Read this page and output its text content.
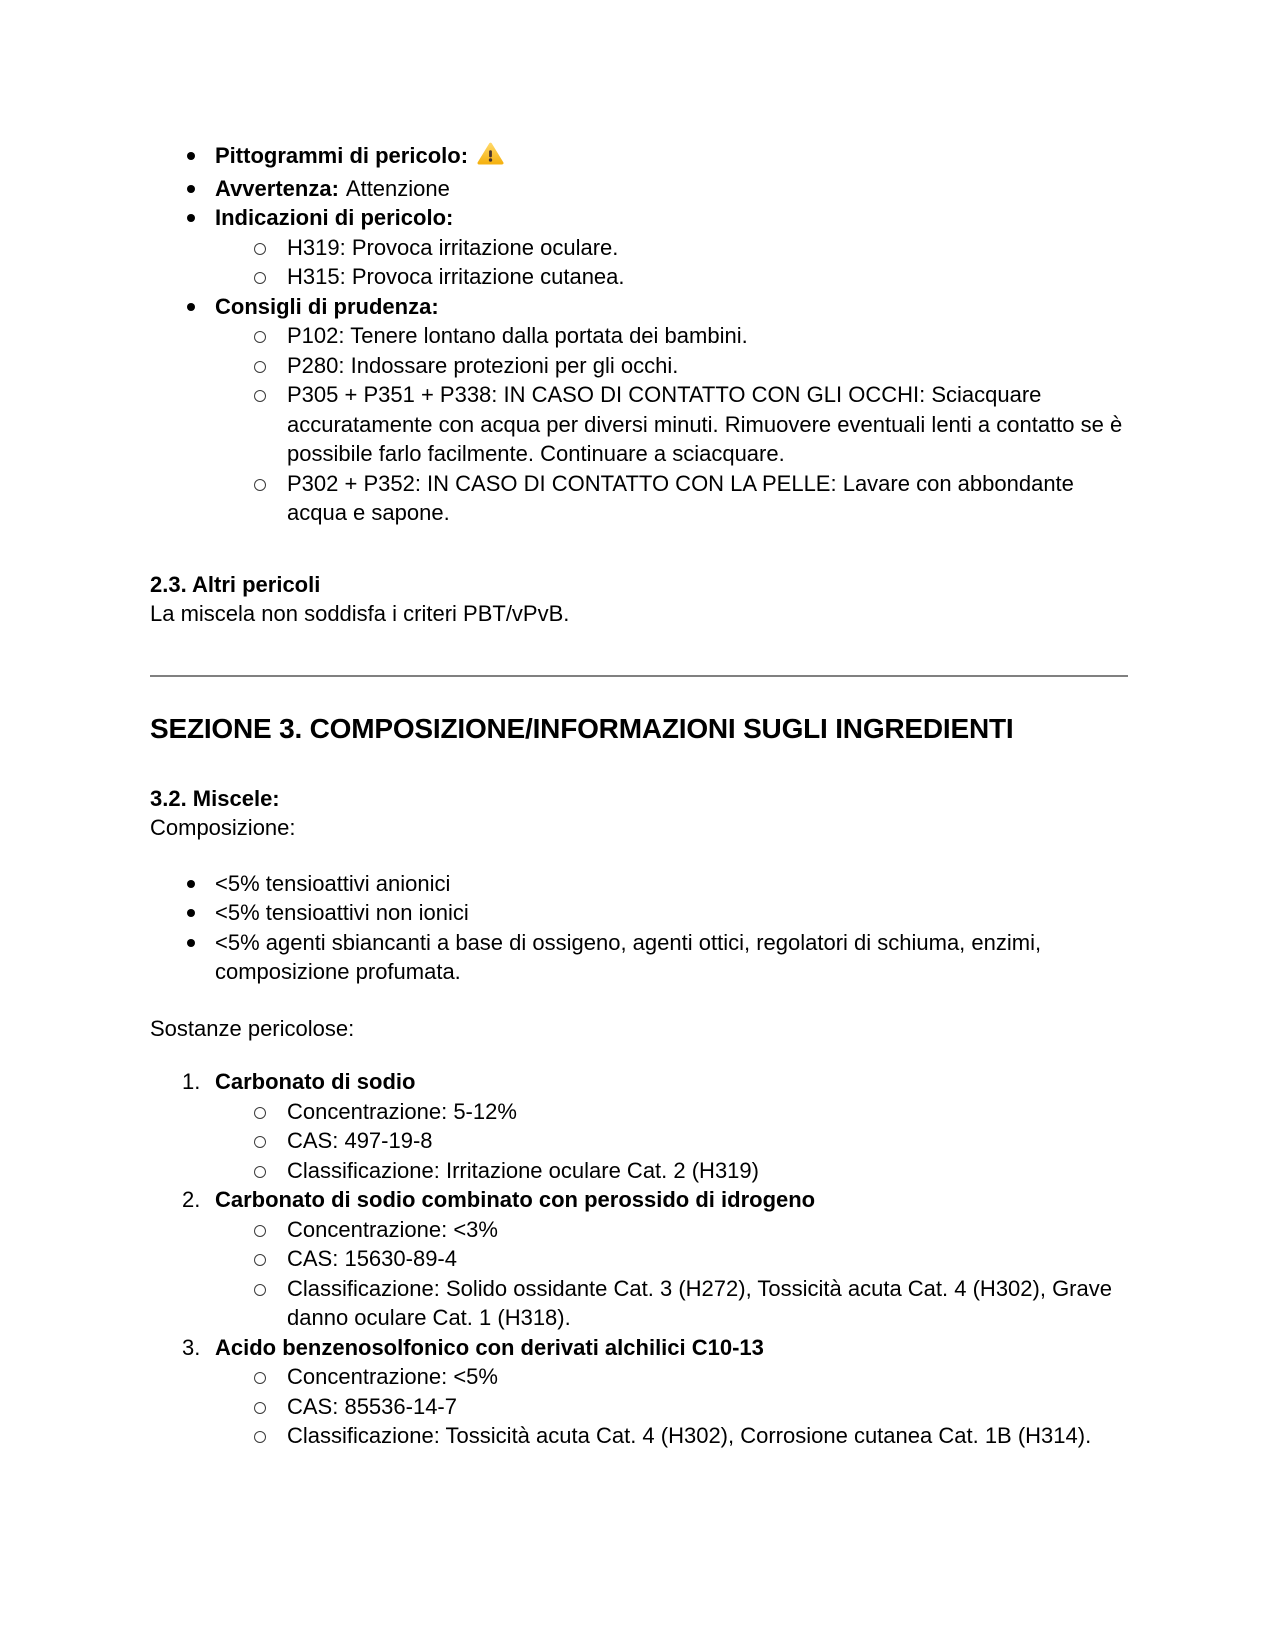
Pittogrammi di pericolo:
Avvertenza: Attenzione
Indicazioni di pericolo:
H319: Provoca irritazione oculare.
H315: Provoca irritazione cutanea.
Consigli di prudenza:
P102: Tenere lontano dalla portata dei bambini.
P280: Indossare protezioni per gli occhi.
P305 + P351 + P338: IN CASO DI CONTATTO CON GLI OCCHI: Sciacquare accuratamente con acqua per diversi minuti. Rimuovere eventuali lenti a contatto se è possibile farlo facilmente. Continuare a sciacquare.
P302 + P352: IN CASO DI CONTATTO CON LA PELLE: Lavare con abbondante acqua e sapone.

2.3. Altri pericoli

La miscela non soddisfa i criteri PBT/vPvB.

SEZIONE 3. COMPOSIZIONE/INFORMAZIONI SUGLI INGREDIENTI

3.2. Miscele:

Composizione:

<5% tensioattivi anionici
<5% tensioattivi non ionici
<5% agenti sbiancanti a base di ossigeno, agenti ottici, regolatori di schiuma, enzimi, composizione profumata.

Sostanze pericolose:

1. Carbonato di sodio
Concentrazione: 5-12%
CAS: 497-19-8
Classificazione: Irritazione oculare Cat. 2 (H319)
2. Carbonato di sodio combinato con perossido di idrogeno
Concentrazione: <3%
CAS: 15630-89-4
Classificazione: Solido ossidante Cat. 3 (H272), Tossicità acuta Cat. 4 (H302), Grave danno oculare Cat. 1 (H318).
3. Acido benzenosolfonico con derivati alchilici C10-13
Concentrazione: <5%
CAS: 85536-14-7
Classificazione: Tossicità acuta Cat. 4 (H302), Corrosione cutanea Cat. 1B (H314).
